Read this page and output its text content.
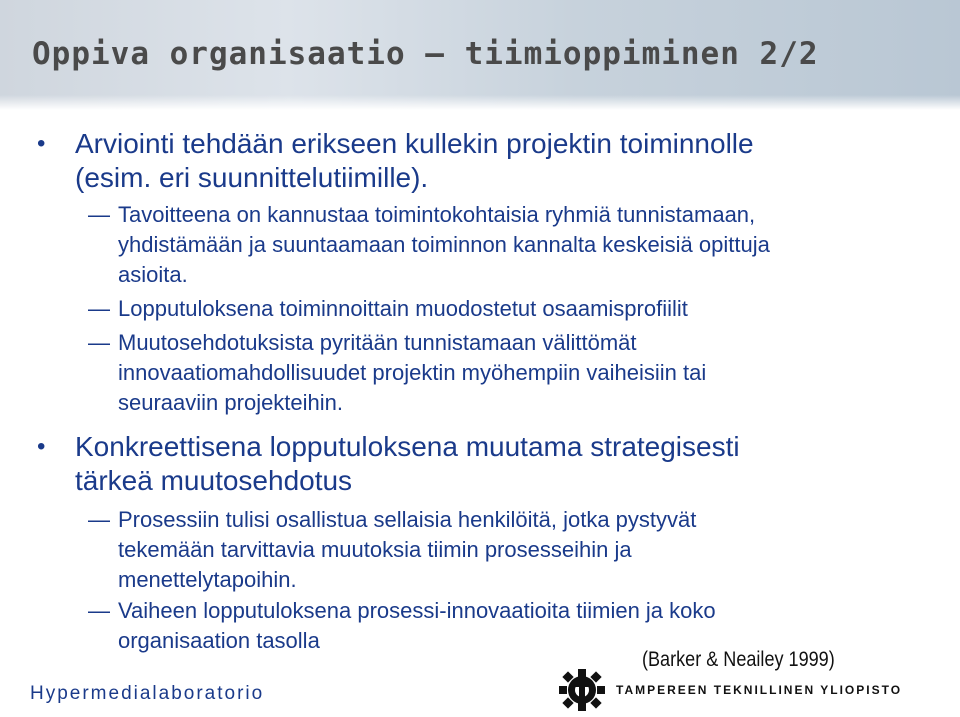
Oppiva organisaatio – tiimioppiminen 2/2
• Arviointi tehdään erikseen kullekin projektin toiminnolle
(esim. eri suunnittelutiimille).
— Tavoitteena on kannustaa toimintokohtaisia ryhmiä tunnistamaan,
yhdistämään ja suuntaamaan toiminnon kannalta keskeisiä opittuja
asioita.
— Lopputuloksena toiminnoittain muodostetut osaamisprofiilit
— Muutosehdotuksista pyritään tunnistamaan välittömät
innovaatiomahdollisuudet projektin myöhempiin vaiheisiin tai
seuraaviin projekteihin.
• Konkreettisena lopputuloksena muutama strategisesti
tärkeä muutosehdotus
— Prosessiin tulisi osallistua sellaisia henkilöitä, jotka pystyvät
tekemään tarvittavia muutoksia tiimin prosesseihin ja
menettelytapoihin.
— Vaiheen lopputuloksena prosessi-innovaatioita tiimien ja koko
organisaation tasolla
(Barker & Neailey 1999)
Hypermedialaboratorio	TAMPEREEN TEKNILLINEN YLIOPISTO
